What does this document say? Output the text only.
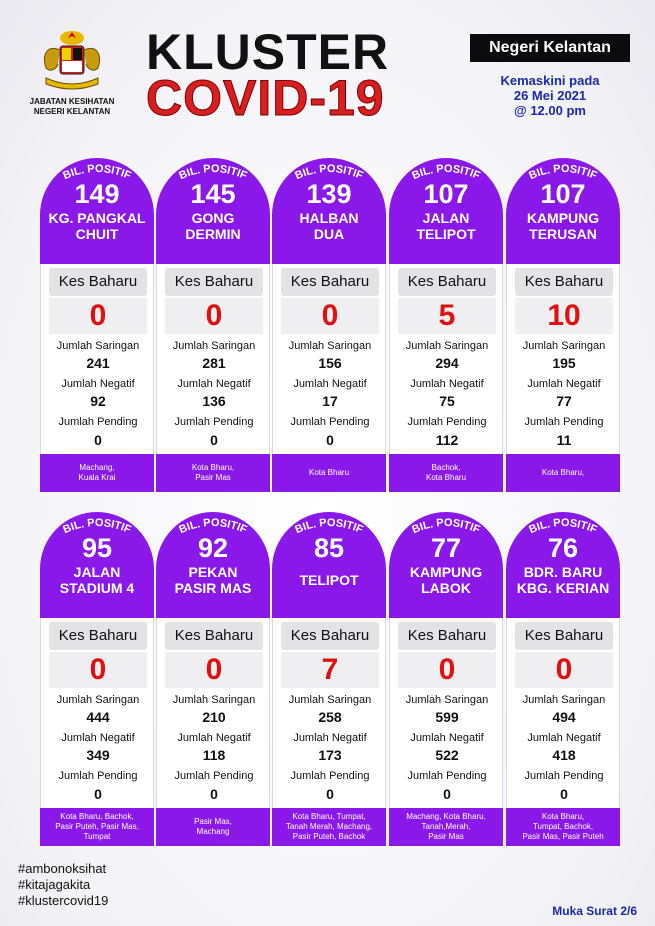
JABATAN KESIHATAN NEGERI KELANTAN
KLUSTER
COVID-19
Negeri Kelantan
Kemaskini pada
26 Mei 2021
@ 12.00 pm
BIL. POSITIF
149
KG. PANGKAL
CHUIT
Kes Baharu
0
Jumlah Saringan
241
Jumlah Negatif
92
Jumlah Pending
0
Machang,
Kuala Krai
BIL. POSITIF
145
GONG
DERMIN
Kes Baharu
0
Jumlah Saringan
281
Jumlah Negatif
136
Jumlah Pending
0
Kota Bharu,
Pasir Mas
BIL. POSITIF
139
HALBAN
DUA
Kes Baharu
0
Jumlah Saringan
156
Jumlah Negatif
17
Jumlah Pending
0
Kota Bharu
BIL. POSITIF
107
JALAN
TELIPOT
Kes Baharu
5
Jumlah Saringan
294
Jumlah Negatif
75
Jumlah Pending
112
Bachok,
Kota Bharu
BIL. POSITIF
107
KAMPUNG
TERUSAN
Kes Baharu
10
Jumlah Saringan
195
Jumlah Negatif
77
Jumlah Pending
11
Kota Bharu,
BIL. POSITIF
95
JALAN
STADIUM 4
Kes Baharu
0
Jumlah Saringan
444
Jumlah Negatif
349
Jumlah Pending
0
Kota Bharu, Bachok,
Pasir Puteh, Pasir Mas,
Tumpat
BIL. POSITIF
92
PEKAN
PASIR MAS
Kes Baharu
0
Jumlah Saringan
210
Jumlah Negatif
118
Jumlah Pending
0
Pasir Mas,
Machang
BIL. POSITIF
85
TELIPOT
Kes Baharu
7
Jumlah Saringan
258
Jumlah Negatif
173
Jumlah Pending
0
Kota Bharu, Tumpat,
Tanah Merah, Machang,
Pasir Puteh, Bachok
BIL. POSITIF
77
KAMPUNG
LABOK
Kes Baharu
0
Jumlah Saringan
599
Jumlah Negatif
522
Jumlah Pending
0
Machang, Kota Bharu,
Tanah,Merah,
Pasir Mas
BIL. POSITIF
76
BDR. BARU
KBG. KERIAN
Kes Baharu
0
Jumlah Saringan
494
Jumlah Negatif
418
Jumlah Pending
0
Kota Bharu,
Tumpat, Bachok,
Pasir Mas, Pasir Puteh
#ambonoksihat
#kitajagakita
#klustercovid19
Muka Surat 2/6
